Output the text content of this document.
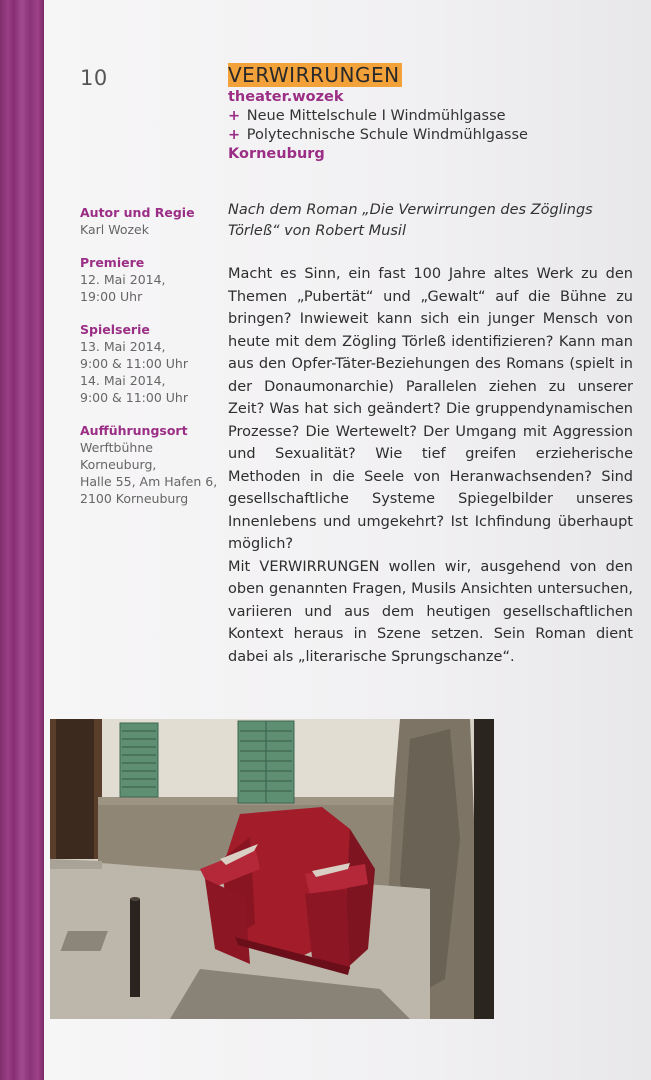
10	VERWIRRUNGEN
theater.wozek
+ Neue Mittelschule I Windmühlgasse
+ Polytechnische Schule Windmühlgasse
Korneuburg
Autor und Regie
Karl Wozek
Premiere
12. Mai 2014,
19:00 Uhr
Spielserie
13. Mai 2014,
9:00 & 11:00 Uhr
14. Mai 2014,
9:00 & 11:00 Uhr
Aufführungsort
Werftbühne
Korneuburg,
Halle 55, Am Hafen 6,
2100 Korneuburg
Nach dem Roman „Die Verwirrungen des Zöglings Törleß“ von Robert Musil

Macht es Sinn, ein fast 100 Jahre altes Werk zu den Themen „Pubertät“ und „Gewalt“ auf die Bühne zu bringen? Inwieweit kann sich ein junger Mensch von heute mit dem Zögling Törleß identifizieren? Kann man aus den Opfer-Täter-Beziehungen des Romans (spielt in der Donaumonarchie) Parallelen ziehen zu unserer Zeit? Was hat sich geändert? Die gruppendynamischen Prozesse? Die Wertewelt? Der Umgang mit Aggression und Sexualität? Wie tief greifen erzieherische Methoden in die Seele von Heranwachsenden? Sind gesellschaftliche Systeme Spiegelbilder unseres Innenlebens und umgekehrt? Ist Ichfindung überhaupt möglich?

Mit VERWIRRUNGEN wollen wir, ausgehend von den oben genannten Fragen, Musils Ansichten untersuchen, variieren und aus dem heutigen gesellschaftlichen Kontext heraus in Szene setzen. Sein Roman dient dabei als „literarische Sprungschanze“.
